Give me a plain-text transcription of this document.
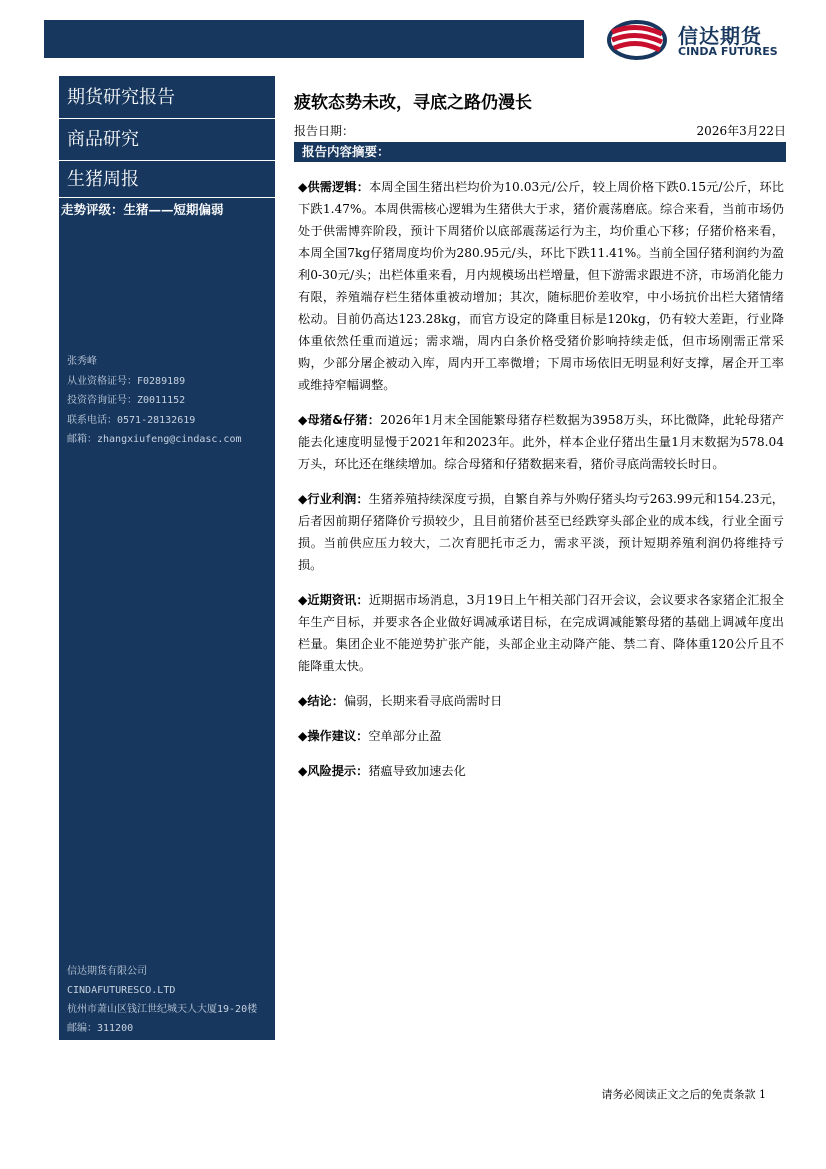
信达期货
CINDA FUTURES
期货研究报告
商品研究
生猪周报
走势评级：生猪——短期偏弱
张秀峰
从业资格证号：F0289189
投资咨询证号：Z0011152
联系电话：0571-28132619
邮箱：zhangxiufeng@cindasc.com
信达期货有限公司
CINDAFUTURESCO.LTD
杭州市萧山区钱江世纪城天人大厦19-20楼
邮编：311200
疲软态势未改，寻底之路仍漫长
报告日期：	2026年3月22日
报告内容摘要：

◆供需逻辑：本周全国生猪出栏均价为10.03元/公斤，较上周价格下跌0.15元/公斤，环比下跌1.47%。本周供需核心逻辑为生猪供大于求，猪价震荡磨底。综合来看，当前市场仍处于供需博弈阶段，预计下周猪价以底部震荡运行为主，均价重心下移；仔猪价格来看，本周全国7kg仔猪周度均价为280.95元/头，环比下跌11.41%。当前全国仔猪利润约为盈利0-30元/头；出栏体重来看，月内规模场出栏增量，但下游需求跟进不济，市场消化能力有限，养殖端存栏生猪体重被动增加；其次，随标肥价差收窄，中小场抗价出栏大猪情绪松动。目前仍高达123.28kg，而官方设定的降重目标是120kg，仍有较大差距，行业降体重依然任重而道远；需求端，周内白条价格受猪价影响持续走低，但市场刚需正常采购，少部分屠企被动入库，周内开工率微增；下周市场依旧无明显利好支撑，屠企开工率或维持窄幅调整。

◆母猪&仔猪：2026年1月末全国能繁母猪存栏数据为3958万头，环比微降，此轮母猪产能去化速度明显慢于2021年和2023年。此外，样本企业仔猪出生量1月末数据为578.04万头，环比还在继续增加。综合母猪和仔猪数据来看，猪价寻底尚需较长时日。

◆行业利润：生猪养殖持续深度亏损，自繁自养与外购仔猪头均亏263.99元和154.23元，后者因前期仔猪降价亏损较少，且目前猪价甚至已经跌穿头部企业的成本线，行业全面亏损。当前供应压力较大，二次育肥托市乏力，需求平淡，预计短期养殖利润仍将维持亏损。

◆近期资讯：近期据市场消息，3月19日上午相关部门召开会议，会议要求各家猪企汇报全年生产目标，并要求各企业做好调减承诺目标，在完成调减能繁母猪的基础上调减年度出栏量。集团企业不能逆势扩张产能，头部企业主动降产能、禁二育、降体重120公斤且不能降重太快。

◆结论：偏弱，长期来看寻底尚需时日

◆操作建议：空单部分止盈

◆风险提示：猪瘟导致加速去化

请务必阅读正文之后的免责条款 1
